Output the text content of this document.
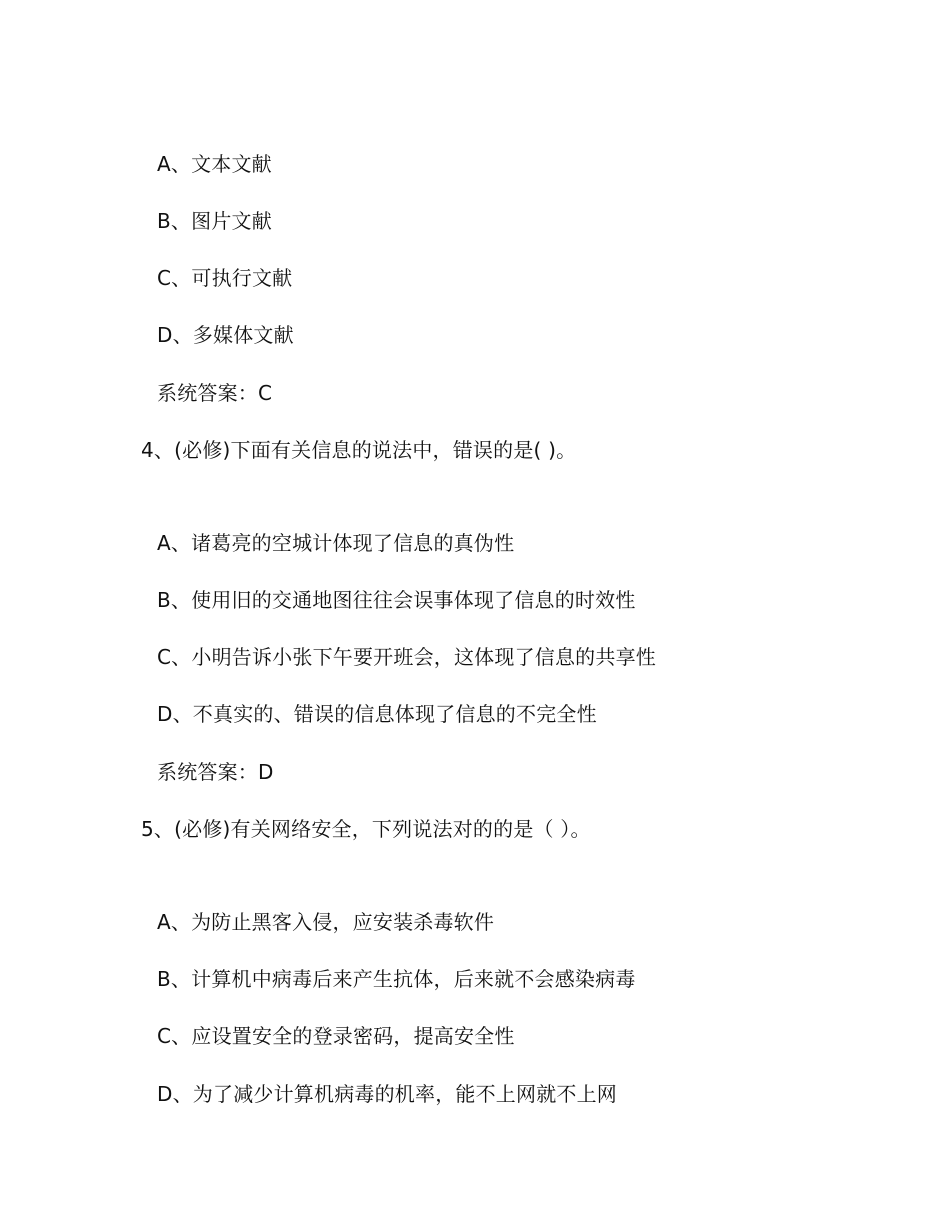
A、文本文献
B、图片文献
C、可执行文献
D、多媒体文献
系统答案：C
4、(必修)下面有关信息的说法中，错误的是( )。
A、诸葛亮的空城计体现了信息的真伪性
B、使用旧的交通地图往往会误事体现了信息的时效性
C、小明告诉小张下午要开班会，这体现了信息的共享性
D、不真实的、错误的信息体现了信息的不完全性
系统答案：D
5、(必修)有关网络安全，下列说法对的的是（ ）。
A、为防止黑客入侵，应安装杀毒软件
B、计算机中病毒后来产生抗体，后来就不会感染病毒
C、应设置安全的登录密码，提高安全性
D、为了减少计算机病毒的机率，能不上网就不上网
